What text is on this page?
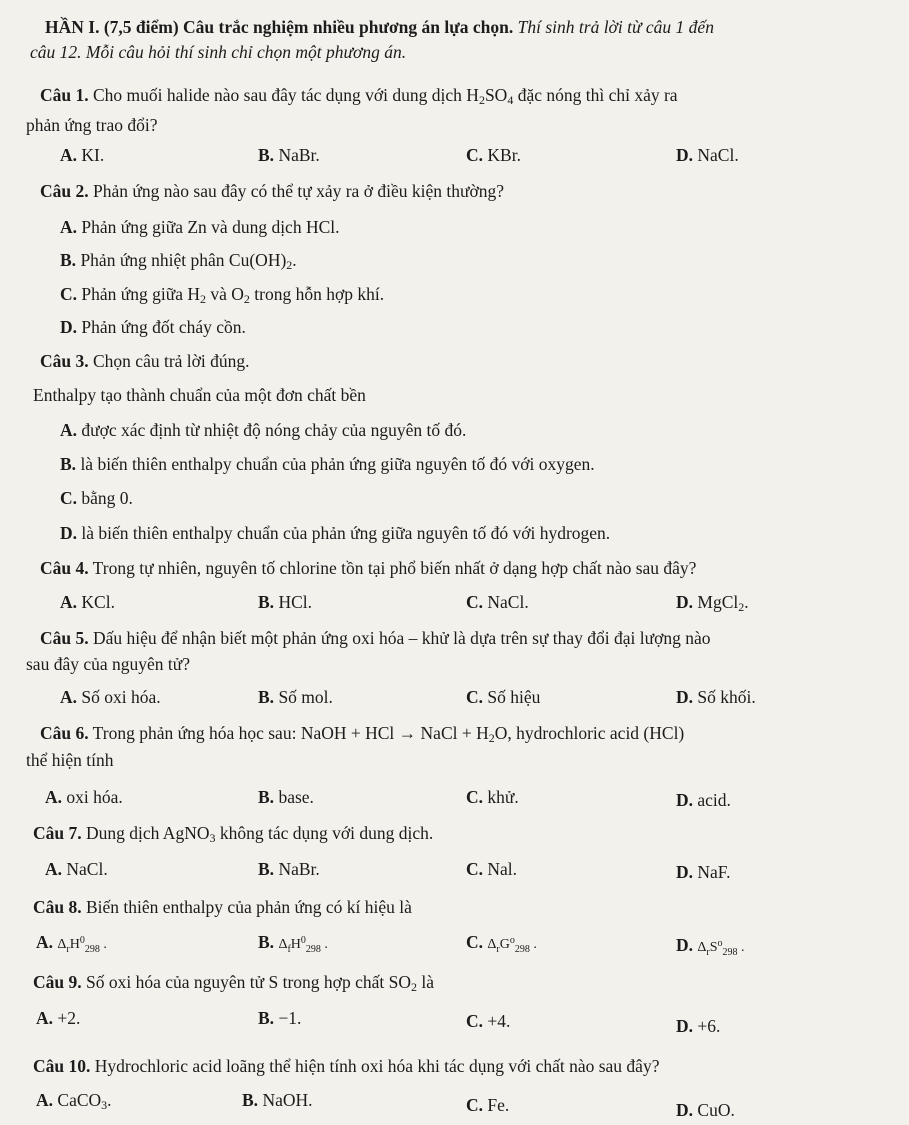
HẦN I. (7,5 điểm) Câu trắc nghiệm nhiều phương án lựa chọn. Thí sinh trả lời từ câu 1 đến
câu 12. Mỗi câu hỏi thí sinh chỉ chọn một phương án.
Câu 1. Cho muối halide nào sau đây tác dụng với dung dịch $H_2SO_4$ đặc nóng thì chỉ xảy ra
phản ứng trao đổi?
A. KI.	B. NaBr.	C. KBr.	D. NaCl.
Câu 2. Phản ứng nào sau đây có thể tự xảy ra ở điều kiện thường?
A. Phản ứng giữa Zn và dung dịch HCl.
B. Phản ứng nhiệt phân $Cu(OH)_2$.
C. Phản ứng giữa $H_2$ và $O_2$ trong hỗn hợp khí.
D. Phản ứng đốt cháy cồn.
Câu 3. Chọn câu trả lời đúng.
Enthalpy tạo thành chuẩn của một đơn chất bền
A. được xác định từ nhiệt độ nóng chảy của nguyên tố đó.
B. là biến thiên enthalpy chuẩn của phản ứng giữa nguyên tố đó với oxygen.
C. bằng 0.
D. là biến thiên enthalpy chuẩn của phản ứng giữa nguyên tố đó với hydrogen.
Câu 4. Trong tự nhiên, nguyên tố chlorine tồn tại phổ biến nhất ở dạng hợp chất nào sau đây?
A. KCl.	B. HCl.	C. NaCl.	D. MgCl$_2$.
Câu 5. Dấu hiệu để nhận biết một phản ứng oxi hóa – khử là dựa trên sự thay đổi đại lượng nào
sau đây của nguyên tử?
A. Số oxi hóa.	B. Số mol.	C. Số hiệu	D. Số khối.
Câu 6. Trong phản ứng hóa học sau: NaOH + HCl → NaCl + $H_2O$, hydrochloric acid (HCl)
thể hiện tính
A. oxi hóa.	B. base.	C. khử.	D. acid.
Câu 7. Dung dịch AgNO$_3$ không tác dụng với dung dịch.
A. NaCl.	B. NaBr.	C. Nal.	D. NaF.
Câu 8. Biến thiên enthalpy của phản ứng có kí hiệu là
A. $\Delta_rH^0_{298}$ .	B. $\Delta_fH^0_{298}$ .	C. $\Delta_rG^o_{298}$ .	D. $\Delta_rS^o_{298}$ .
Câu 9. Số oxi hóa của nguyên tử S trong hợp chất $SO_2$ là
A. +2.	B. −1.	C. +4.	D. +6.
Câu 10. Hydrochloric acid loãng thể hiện tính oxi hóa khi tác dụng với chất nào sau đây?
A. CaCO$_3$.	B. NaOH.	C. Fe.	D. CuO.
